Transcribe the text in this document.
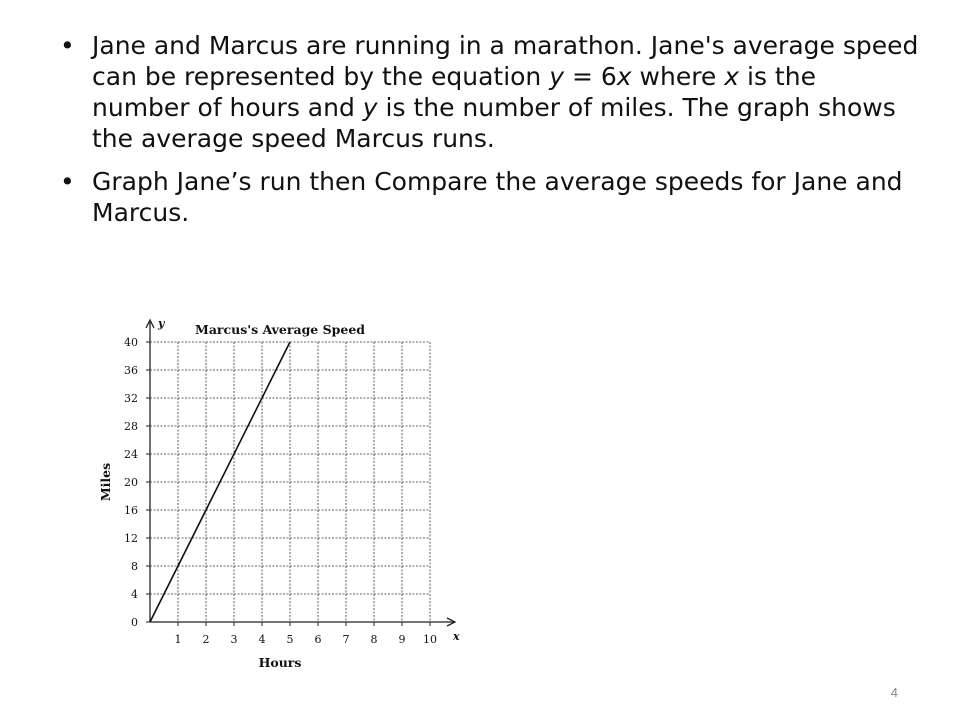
• Jane and Marcus are running in a marathon. Jane's average speed can be represented by the equation y = 6x where x is the number of hours and y is the number of miles. The graph shows the average speed Marcus runs.
• Graph Jane’s run then Compare the average speeds for Jane and Marcus.
0
4
8
12
16
20
24
28
32
36
40
1 2 3 4 5 6 7 8 9 10
y
x
Marcus's Average Speed
Hours
Miles
4
